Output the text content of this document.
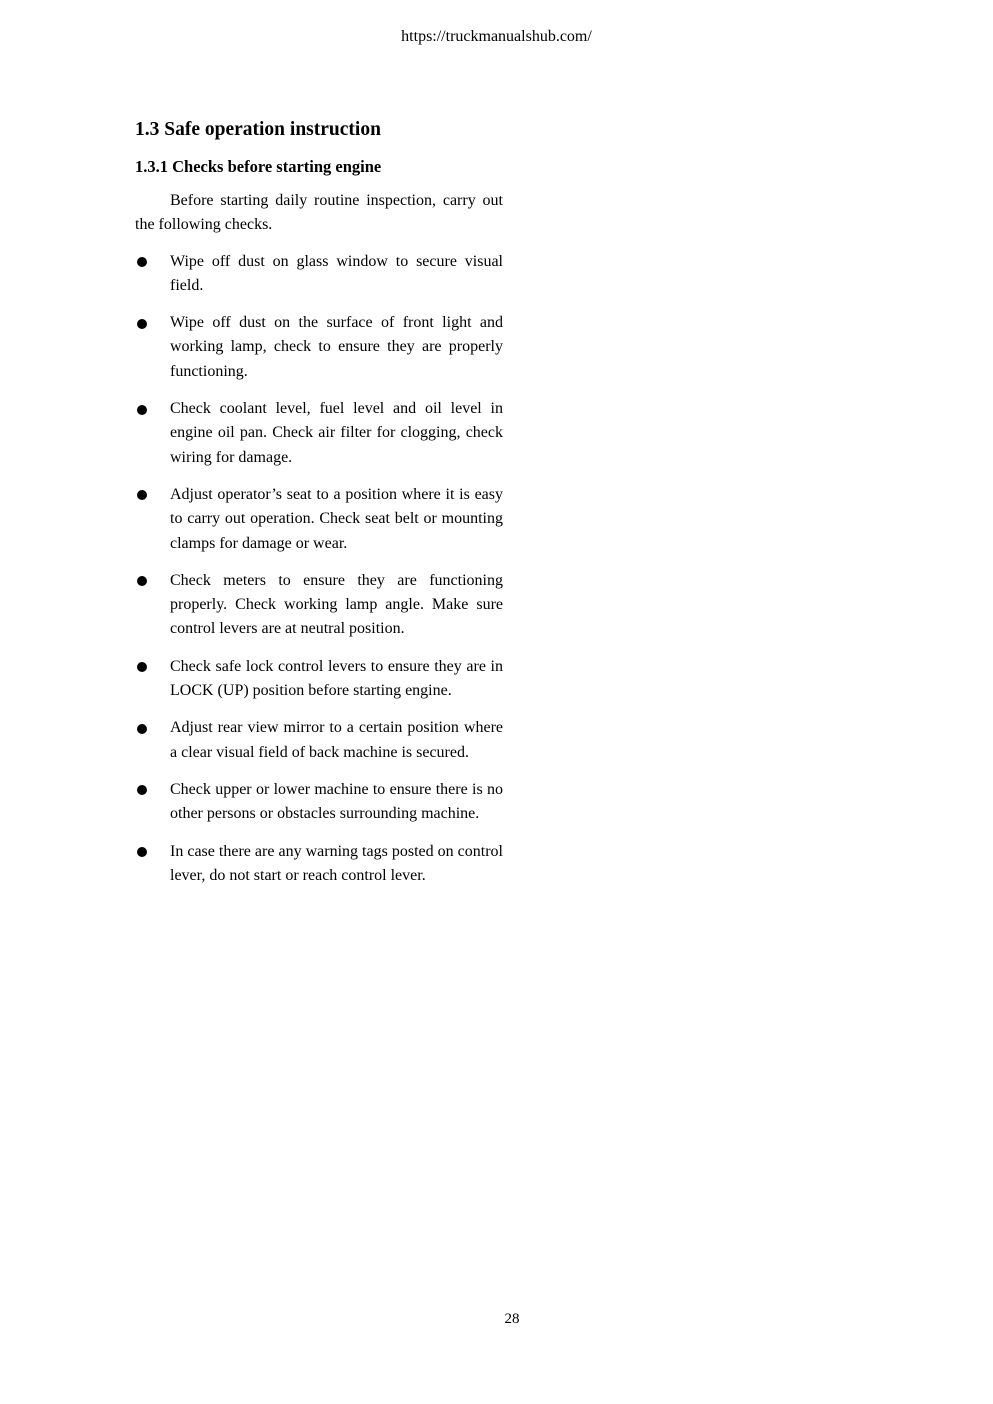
https://truckmanualshub.com/
1.3 Safe operation instruction
1.3.1 Checks before starting engine

Before starting daily routine inspection, carry out the following checks.

Wipe off dust on glass window to secure visual field.
Wipe off dust on the surface of front light and working lamp, check to ensure they are properly functioning.
Check coolant level, fuel level and oil level in engine oil pan. Check air filter for clogging, check wiring for damage.
Adjust operator’s seat to a position where it is easy to carry out operation. Check seat belt or mounting clamps for damage or wear.
Check meters to ensure they are functioning properly. Check working lamp angle. Make sure control levers are at neutral position.
Check safe lock control levers to ensure they are in LOCK (UP) position before starting engine.
Adjust rear view mirror to a certain position where a clear visual field of back machine is secured.
Check upper or lower machine to ensure there is no other persons or obstacles surrounding machine.
In case there are any warning tags posted on control lever, do not start or reach control lever.
28
